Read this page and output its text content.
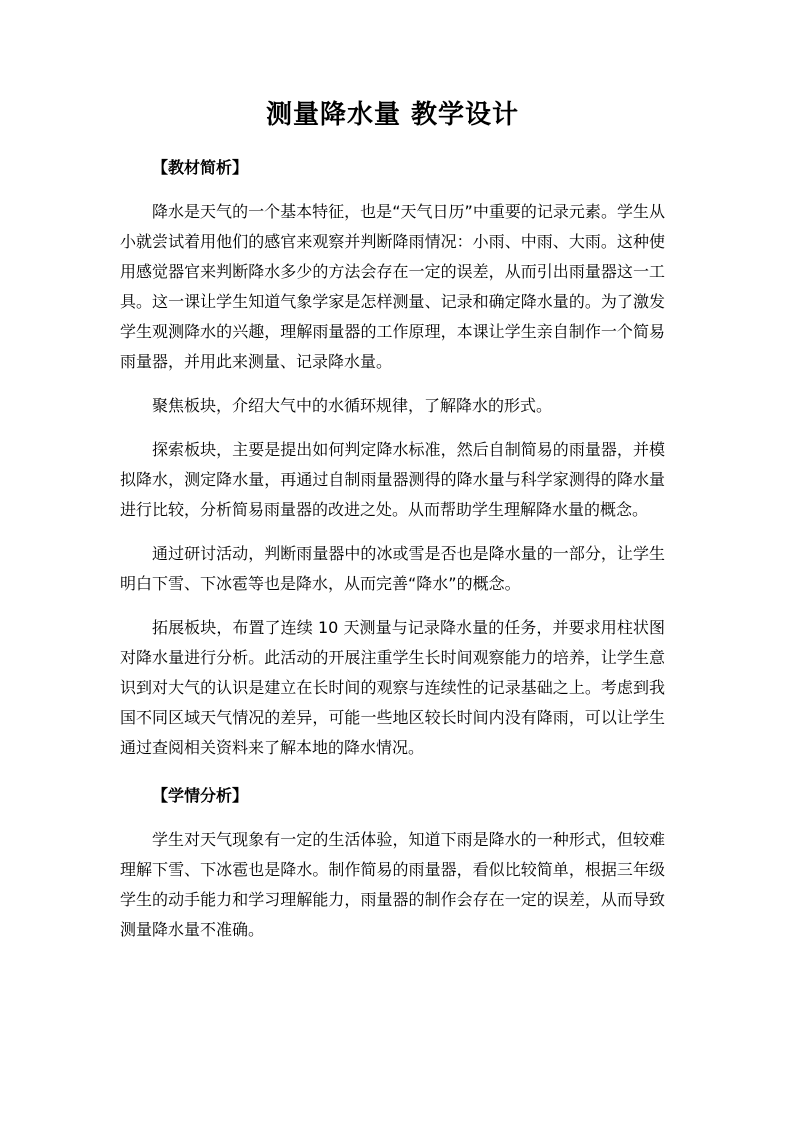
测量降水量 教学设计
【教材简析】

降水是天气的一个基本特征，也是“天气日历”中重要的记录元素。学生从小就尝试着用他们的感官来观察并判断降雨情况：小雨、中雨、大雨。这种使用感觉器官来判断降水多少的方法会存在一定的误差，从而引出雨量器这一工具。这一课让学生知道气象学家是怎样测量、记录和确定降水量的。为了激发学生观测降水的兴趣，理解雨量器的工作原理，本课让学生亲自制作一个简易雨量器，并用此来测量、记录降水量。

聚焦板块，介绍大气中的水循环规律，了解降水的形式。

探索板块，主要是提出如何判定降水标准，然后自制简易的雨量器，并模拟降水，测定降水量，再通过自制雨量器测得的降水量与科学家测得的降水量进行比较，分析简易雨量器的改进之处。从而帮助学生理解降水量的概念。

通过研讨活动，判断雨量器中的冰或雪是否也是降水量的一部分，让学生明白下雪、下冰雹等也是降水，从而完善“降水”的概念。

拓展板块，布置了连续 10 天测量与记录降水量的任务，并要求用柱状图对降水量进行分析。此活动的开展注重学生长时间观察能力的培养，让学生意识到对大气的认识是建立在长时间的观察与连续性的记录基础之上。考虑到我国不同区域天气情况的差异，可能一些地区较长时间内没有降雨，可以让学生通过查阅相关资料来了解本地的降水情况。

【学情分析】

学生对天气现象有一定的生活体验，知道下雨是降水的一种形式，但较难理解下雪、下冰雹也是降水。制作简易的雨量器，看似比较简单，根据三年级学生的动手能力和学习理解能力，雨量器的制作会存在一定的误差，从而导致测量降水量不准确。
